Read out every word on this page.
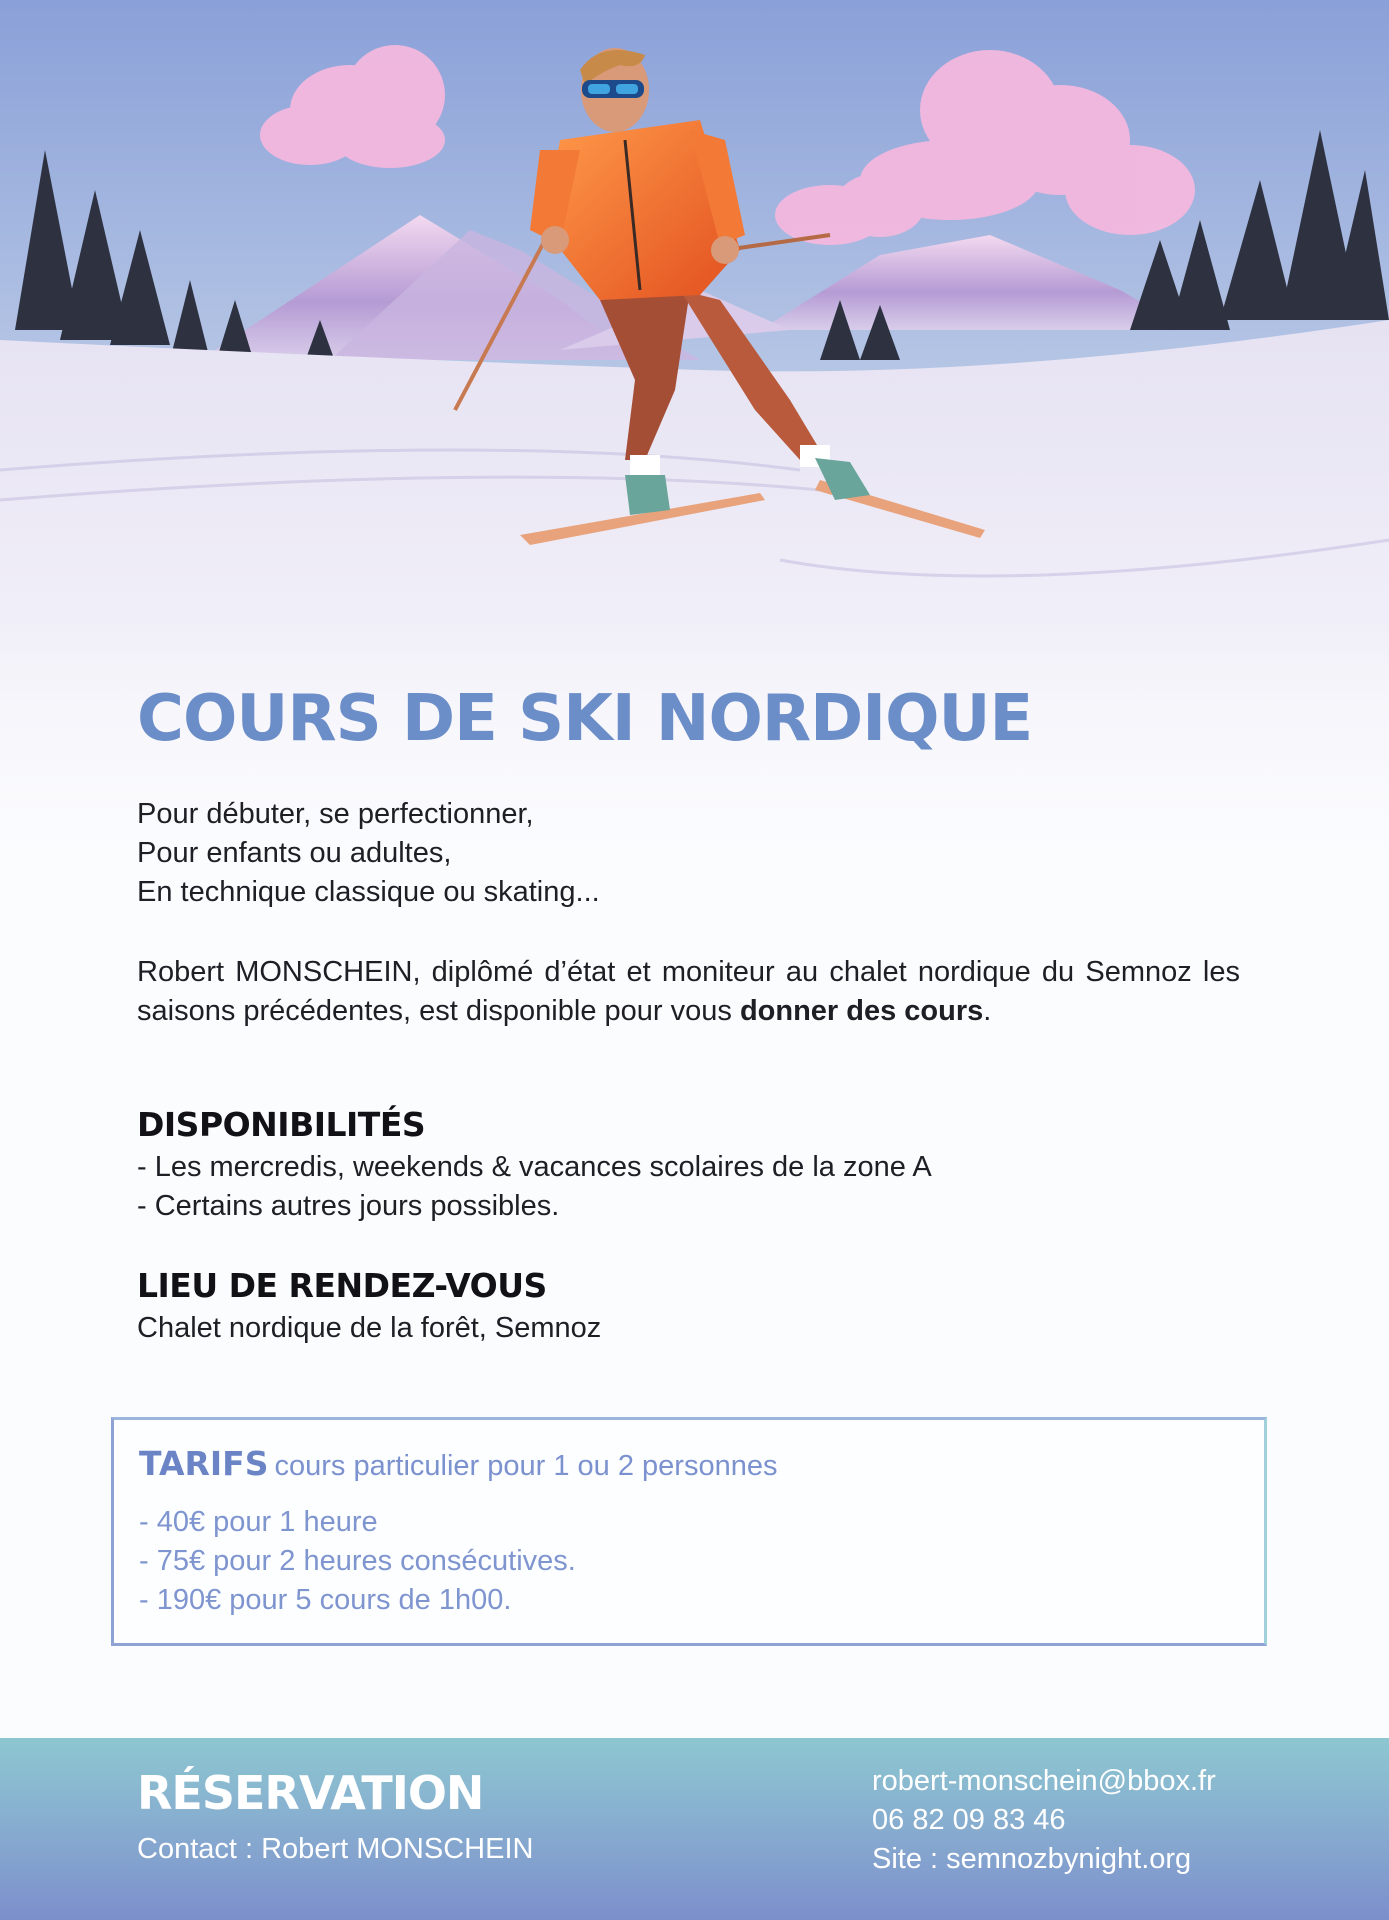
COURS DE SKI NORDIQUE
Pour débuter, se perfectionner,
Pour enfants ou adultes,
En technique classique ou skating...

Robert MONSCHEIN, diplômé d’état et moniteur au chalet nordique du Semnoz les saisons précédentes, est disponible pour vous donner des cours.

DISPONIBILITÉS
- Les mercredis, weekends & vacances scolaires de la zone A
- Certains autres jours possibles.
LIEU DE RENDEZ-VOUS
Chalet nordique de la forêt, Semnoz
TARIFS cours particulier pour 1 ou 2 personnes
- 40€ pour 1 heure
- 75€ pour 2 heures consécutives.
- 190€ pour 5 cours de 1h00.
RÉSERVATION
Contact : Robert MONSCHEIN
robert-monschein@bbox.fr
06 82 09 83 46
Site : semnozbynight.org
